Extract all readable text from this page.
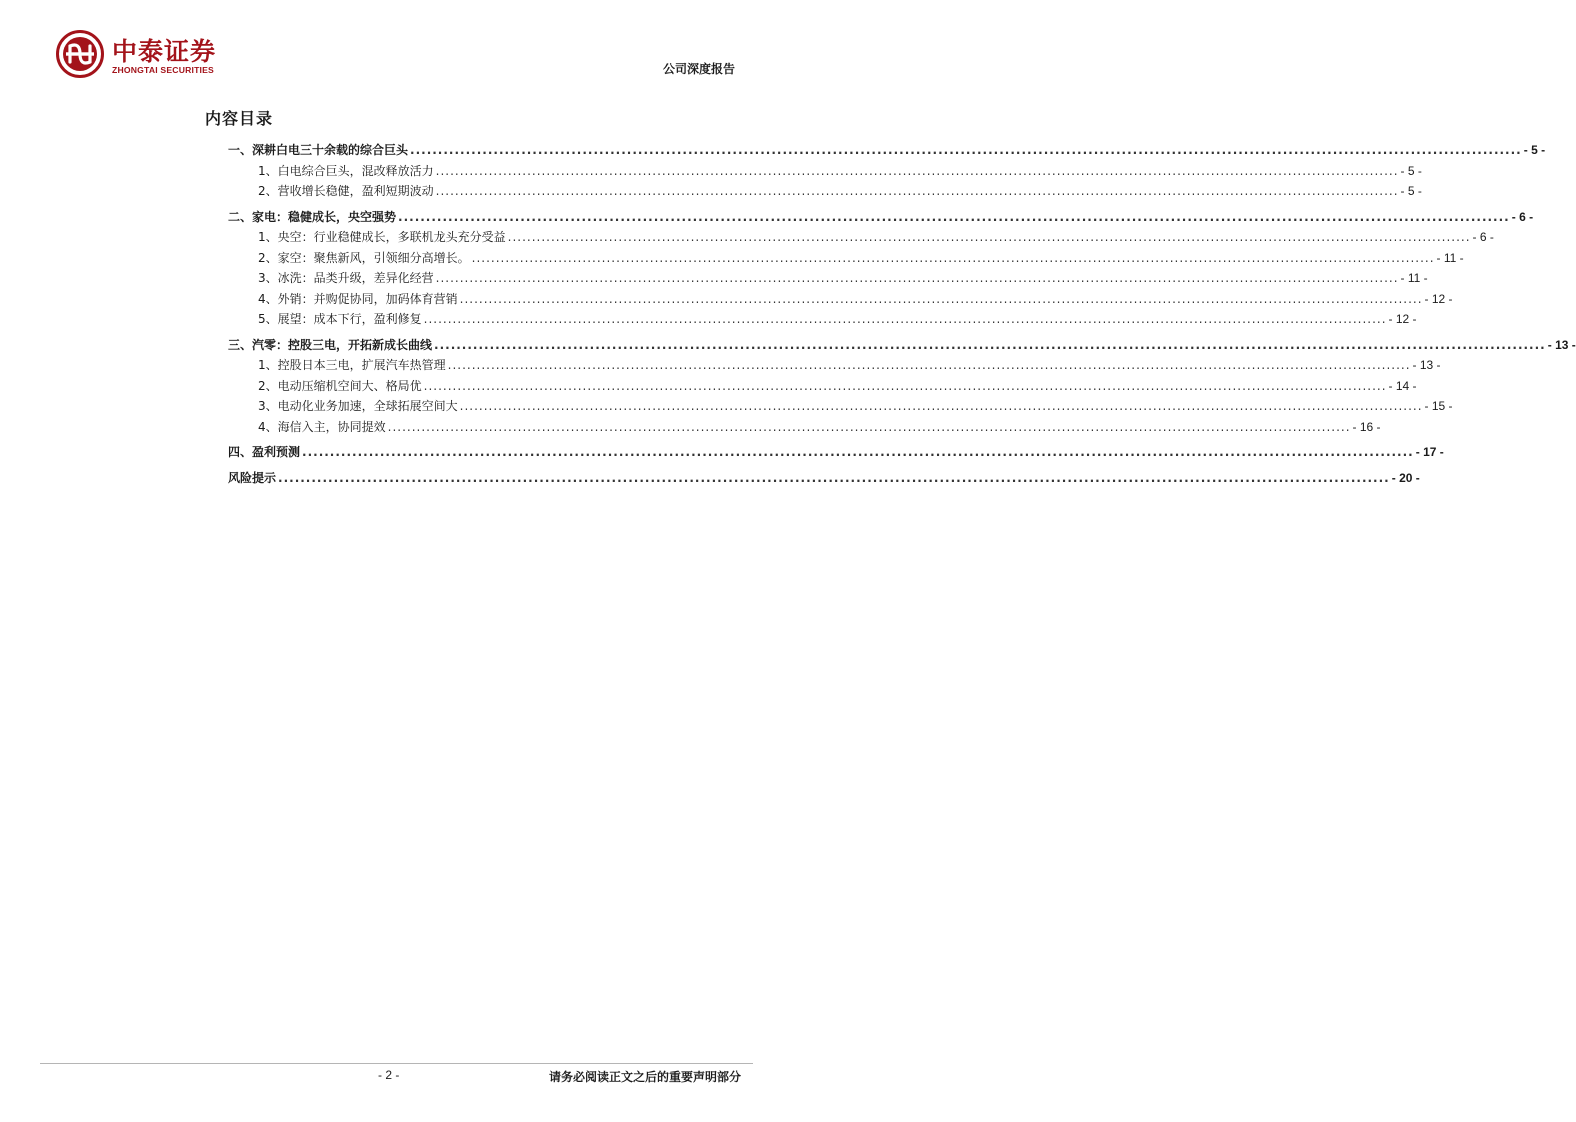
中泰证券
ZHONGTAI SECURITIES	公司深度报告
内容目录
一、深耕白电三十余载的综合巨头 ........................................................................................................................................................................................................ - 5 -
1、白电综合巨头，混改释放活力 ........................................................................................................................................................................................................ - 5 -
2、营收增长稳健，盈利短期波动 ........................................................................................................................................................................................................ - 5 -
二、家电：稳健成长，央空强势 ........................................................................................................................................................................................................ - 6 -
1、央空：行业稳健成长，多联机龙头充分受益 ........................................................................................................................................................................................................ - 6 -
2、家空：聚焦新风，引领细分高增长。 ........................................................................................................................................................................................................ - 11 -
3、冰洗：品类升级，差异化经营 ........................................................................................................................................................................................................ - 11 -
4、外销：并购促协同，加码体育营销 ........................................................................................................................................................................................................ - 12 -
5、展望：成本下行，盈利修复 ........................................................................................................................................................................................................ - 12 -
三、汽零：控股三电，开拓新成长曲线 ........................................................................................................................................................................................................ - 13 -
1、控股日本三电，扩展汽车热管理 ........................................................................................................................................................................................................ - 13 -
2、电动压缩机空间大、格局优 ........................................................................................................................................................................................................ - 14 -
3、电动化业务加速，全球拓展空间大 ........................................................................................................................................................................................................ - 15 -
4、海信入主，协同提效 ........................................................................................................................................................................................................ - 16 -
四、盈利预测 ........................................................................................................................................................................................................ - 17 -
风险提示 ........................................................................................................................................................................................................ - 20 -
- 2 -	请务必阅读正文之后的重要声明部分
